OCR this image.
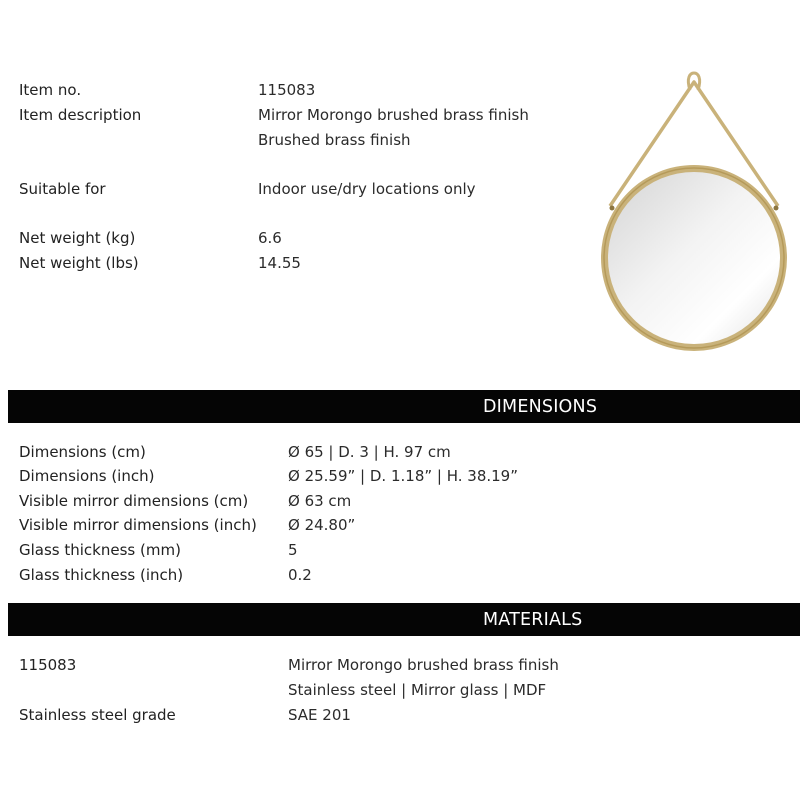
Item no.	115083
Item description	Mirror Morongo brushed brass finish
Brushed brass finish
Suitable for	Indoor use/dry locations only
Net weight (kg)	6.6
Net weight (lbs)	14.55
DIMENSIONS
Dimensions (cm)	Ø 65 | D. 3 | H. 97 cm
Dimensions (inch)	Ø 25.59” | D. 1.18” | H. 38.19”
Visible mirror dimensions (cm)	Ø 63 cm
Visible mirror dimensions (inch) Ø 24.80”
Glass thickness (mm)	5
Glass thickness (inch)	0.2
MATERIALS
115083	Mirror Morongo brushed brass finish
Stainless steel | Mirror glass | MDF
Stainless steel grade	SAE 201
